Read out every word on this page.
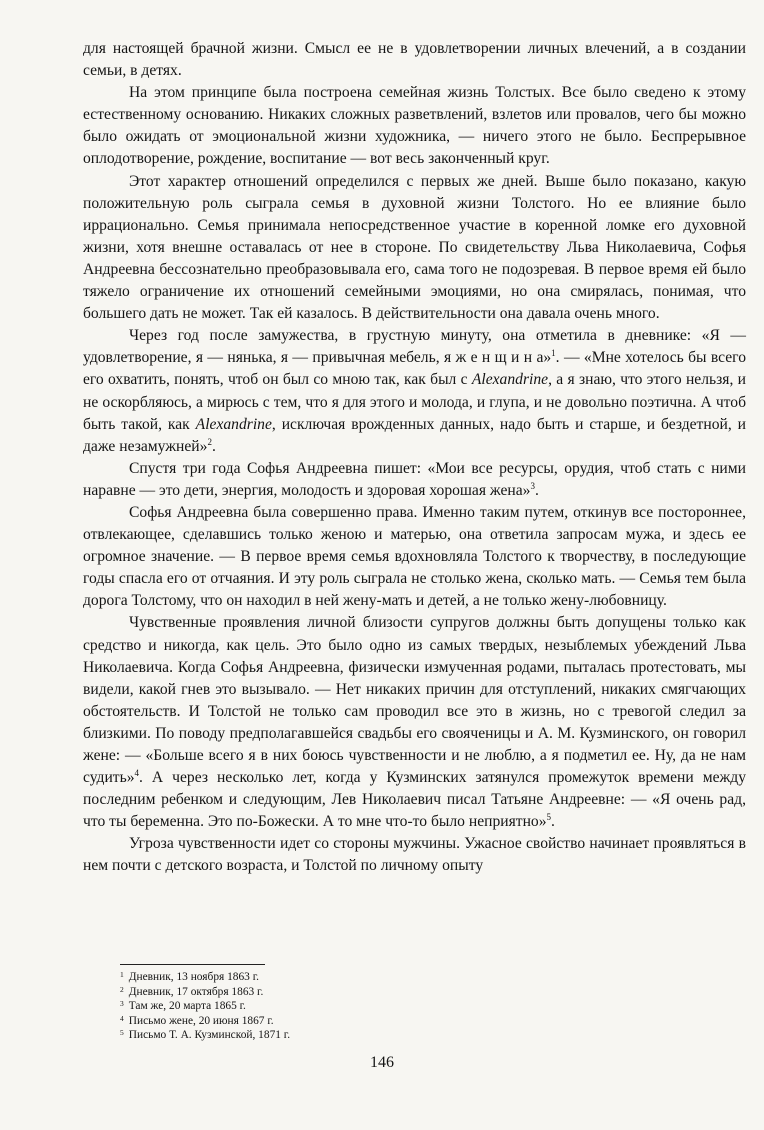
для настоящей брачной жизни. Смысл ее не в удовлетворении личных влечений, а в создании семьи, в детях.

На этом принципе была построена семейная жизнь Толстых. Все было сведено к этому естественному основанию. Никаких сложных разветвлений, взлетов или провалов, чего бы можно было ожидать от эмоциональной жизни художника, — ничего этого не было. Беспрерывное оплодотворение, рождение, воспитание — вот весь законченный круг.

Этот характер отношений определился с первых же дней. Выше было показано, какую положительную роль сыграла семья в духовной жизни Толстого. Но ее влияние было иррационально. Семья принимала непосредственное участие в коренной ломке его духовной жизни, хотя внешне оставалась от нее в стороне. По свидетельству Льва Николаевича, Софья Андреевна бессознательно преобразовывала его, сама того не подозревая. В первое время ей было тяжело ограничение их отношений семейными эмоциями, но она смирялась, понимая, что большего дать не может. Так ей казалось. В действительности она давала очень много.

Через год после замужества, в грустную минуту, она отметила в дневнике: «Я — удовлетворение, я — нянька, я — привычная мебель, я ж е н щ и н а»$^1$. — «Мне хотелось бы всего его охватить, понять, чтоб он был со мною так, как был с Alexandrine, а я знаю, что этого нельзя, и не оскорбляюсь, а мирюсь с тем, что я для этого и молода, и глупа, и не довольно поэтична. А чтоб быть такой, как Alexandrine, исключая врожденных данных, надо быть и старше, и бездетной, и даже незамужней»$^2$.

Спустя три года Софья Андреевна пишет: «Мои все ресурсы, орудия, чтоб стать с ними наравне — это дети, энергия, молодость и здоровая хорошая жена»$^3$.

Софья Андреевна была совершенно права. Именно таким путем, откинув все постороннее, отвлекающее, сделавшись только женою и матерью, она ответила запросам мужа, и здесь ее огромное значение. — В первое время семья вдохновляла Толстого к творчеству, в последующие годы спасла его от отчаяния. И эту роль сыграла не столько жена, сколько мать. — Семья тем была дорога Толстому, что он находил в ней жену-мать и детей, а не только жену-любовницу.

Чувственные проявления личной близости супругов должны быть допущены только как средство и никогда, как цель. Это было одно из самых твердых, незыблемых убеждений Льва Николаевича. Когда Софья Андреевна, физически измученная родами, пыталась протестовать, мы видели, какой гнев это вызывало. — Нет никаких причин для отступлений, никаких смягчающих обстоятельств. И Толстой не только сам проводил все это в жизнь, но с тревогой следил за близкими. По поводу предполагавшейся свадьбы его свояченицы и А. М. Кузминского, он говорил жене: — «Больше всего я в них боюсь чувственности и не люблю, а я подметил ее. Ну, да не нам судить»$^4$. А через несколько лет, когда у Кузминских затянулся промежуток времени между последним ребенком и следующим, Лев Николаевич писал Татьяне Андреевне: — «Я очень рад, что ты беременна. Это по-Божески. А то мне что-то было неприятно»$^5$.

Угроза чувственности идет со стороны мужчины. Ужасное свойство начинает проявляться в нем почти с детского возраста, и Толстой по личному опыту

$^1$ Дневник, 13 ноября 1863 г.
$^2$ Дневник, 17 октября 1863 г.
$^3$ Там же, 20 марта 1865 г.
$^4$ Письмо жене, 20 июня 1867 г.
$^5$ Письмо Т. А. Кузминской, 1871 г.
146
